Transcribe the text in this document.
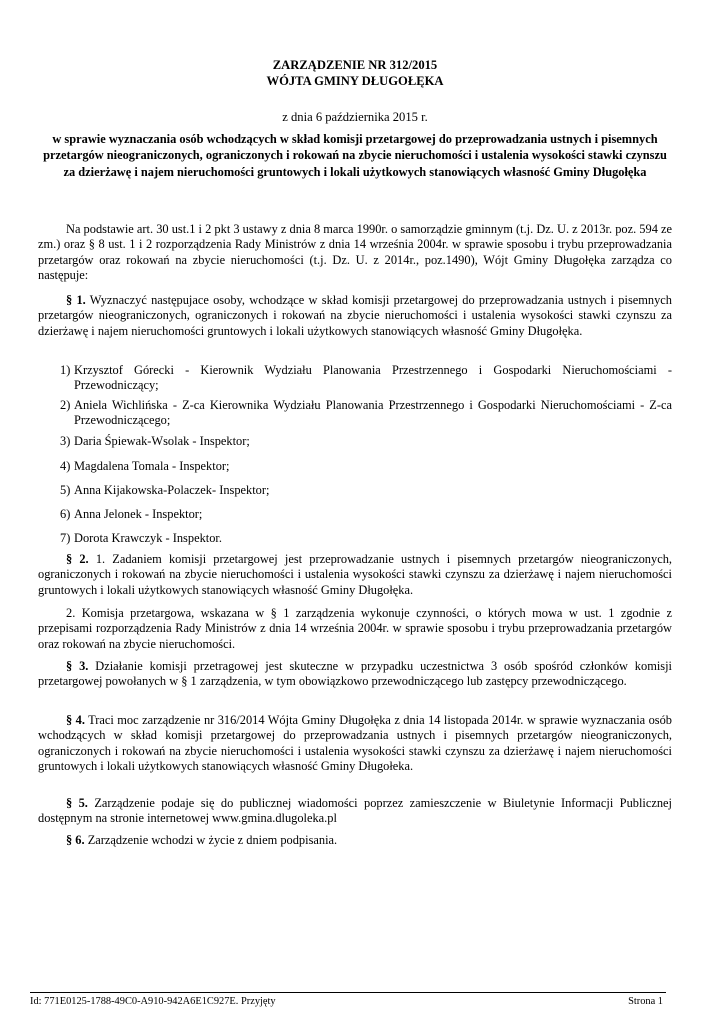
ZARZĄDZENIE NR 312/2015
WÓJTA GMINY DŁUGOŁĘKA
z dnia 6 października 2015 r.
w sprawie wyznaczania osób wchodzących w skład komisji przetargowej do przeprowadzania ustnych i pisemnych przetargów nieograniczonych, ograniczonych i rokowań na zbycie nieruchomości i ustalenia wysokości stawki czynszu za dzierżawę i najem nieruchomości gruntowych i lokali użytkowych stanowiących własność Gminy Długołęka
Na podstawie art. 30 ust.1 i 2 pkt 3 ustawy z dnia 8 marca 1990r. o samorządzie gminnym (t.j. Dz. U. z 2013r. poz. 594 ze zm.) oraz § 8 ust. 1 i 2 rozporządzenia Rady Ministrów z dnia 14 września 2004r. w sprawie sposobu i trybu przeprowadzania przetargów oraz rokowań na zbycie nieruchomości (t.j. Dz. U. z 2014r., poz.1490), Wójt Gminy Długołęka zarządza co następuje:
§ 1. Wyznaczyć następujace osoby, wchodzące w skład komisji przetargowej do przeprowadzania ustnych i pisemnych przetargów nieograniczonych, ograniczonych i rokowań na zbycie nieruchomości i ustalenia wysokości stawki czynszu za dzierżawę i najem nieruchomości gruntowych i lokali użytkowych stanowiących własność Gminy Długołęka.
1) Krzysztof Górecki - Kierownik Wydziału Planowania Przestrzennego i Gospodarki Nieruchomościami - Przewodniczący;
2) Aniela Wichlińska - Z-ca Kierownika Wydziału Planowania Przestrzennego i Gospodarki Nieruchomościami - Z-ca Przewodniczącego;
3) Daria Śpiewak-Wsolak - Inspektor;
4) Magdalena Tomala - Inspektor;
5) Anna Kijakowska-Polaczek- Inspektor;
6) Anna Jelonek - Inspektor;
7) Dorota Krawczyk - Inspektor.
§ 2. 1. Zadaniem komisji przetargowej jest przeprowadzanie ustnych i pisemnych przetargów nieograniczonych, ograniczonych i rokowań na zbycie nieruchomości i ustalenia wysokości stawki czynszu za dzierżawę i najem nieruchomości gruntowych i lokali użytkowych stanowiących własność Gminy Długołęka.
2. Komisja przetargowa, wskazana w § 1 zarządzenia wykonuje czynności, o których mowa w ust. 1 zgodnie z przepisami rozporządzenia Rady Ministrów z dnia 14 września 2004r. w sprawie sposobu i trybu przeprowadzania przetargów oraz rokowań na zbycie nieruchomości.
§ 3. Działanie komisji przetragowej jest skuteczne w przypadku uczestnictwa 3 osób spośród członków komisji przetargowej powołanych w § 1 zarządzenia, w tym obowiązkowo przewodniczącego lub zastępcy przewodniczącego.
§ 4. Traci moc zarządzenie nr 316/2014 Wójta Gminy Długołęka z dnia 14 listopada 2014r. w sprawie wyznaczania osób wchodzących w skład komisji przetargowej do przeprowadzania ustnych i pisemnych przetargów nieograniczonych, ograniczonych i rokowań na zbycie nieruchomości i ustalenia wysokości stawki czynszu za dzierżawę i najem nieruchomości gruntowych i lokali użytkowych stanowiących własność Gminy Długołeka.
§ 5. Zarządzenie podaje się do publicznej wiadomości poprzez zamieszczenie w Biuletynie Informacji Publicznej dostępnym na stronie internetowej www.gmina.dlugoleka.pl
§ 6. Zarządzenie wchodzi w życie z dniem podpisania.
Id: 771E0125-1788-49C0-A910-942A6E1C927E. Przyjęty	Strona 1
